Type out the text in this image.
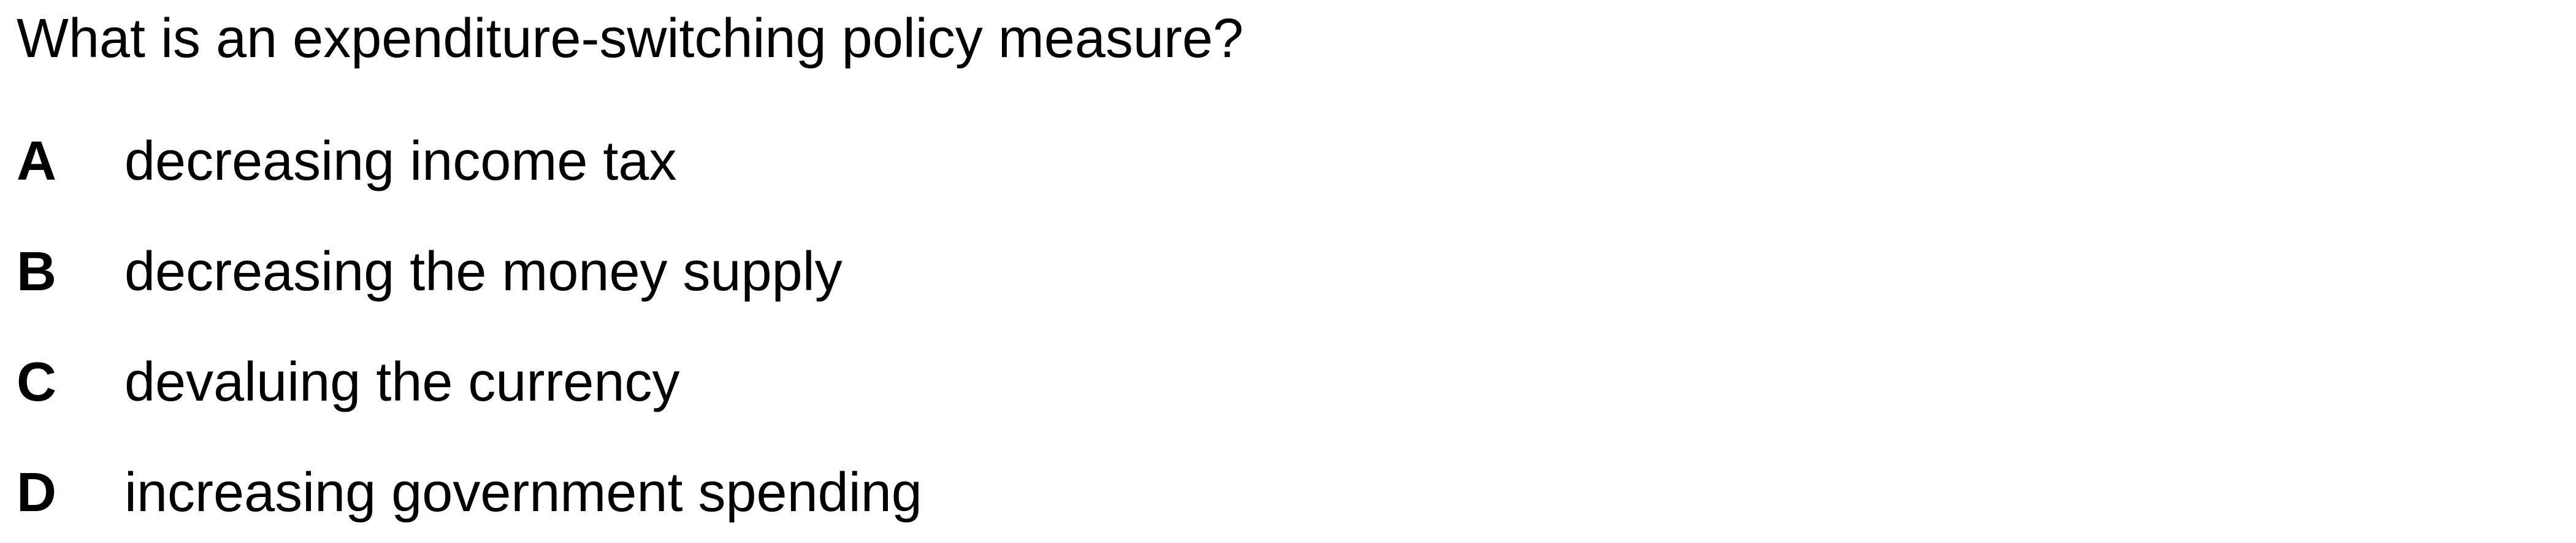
What is an expenditure-switching policy measure?
A decreasing income tax
B decreasing the money supply
C devaluing the currency
D increasing government spending
